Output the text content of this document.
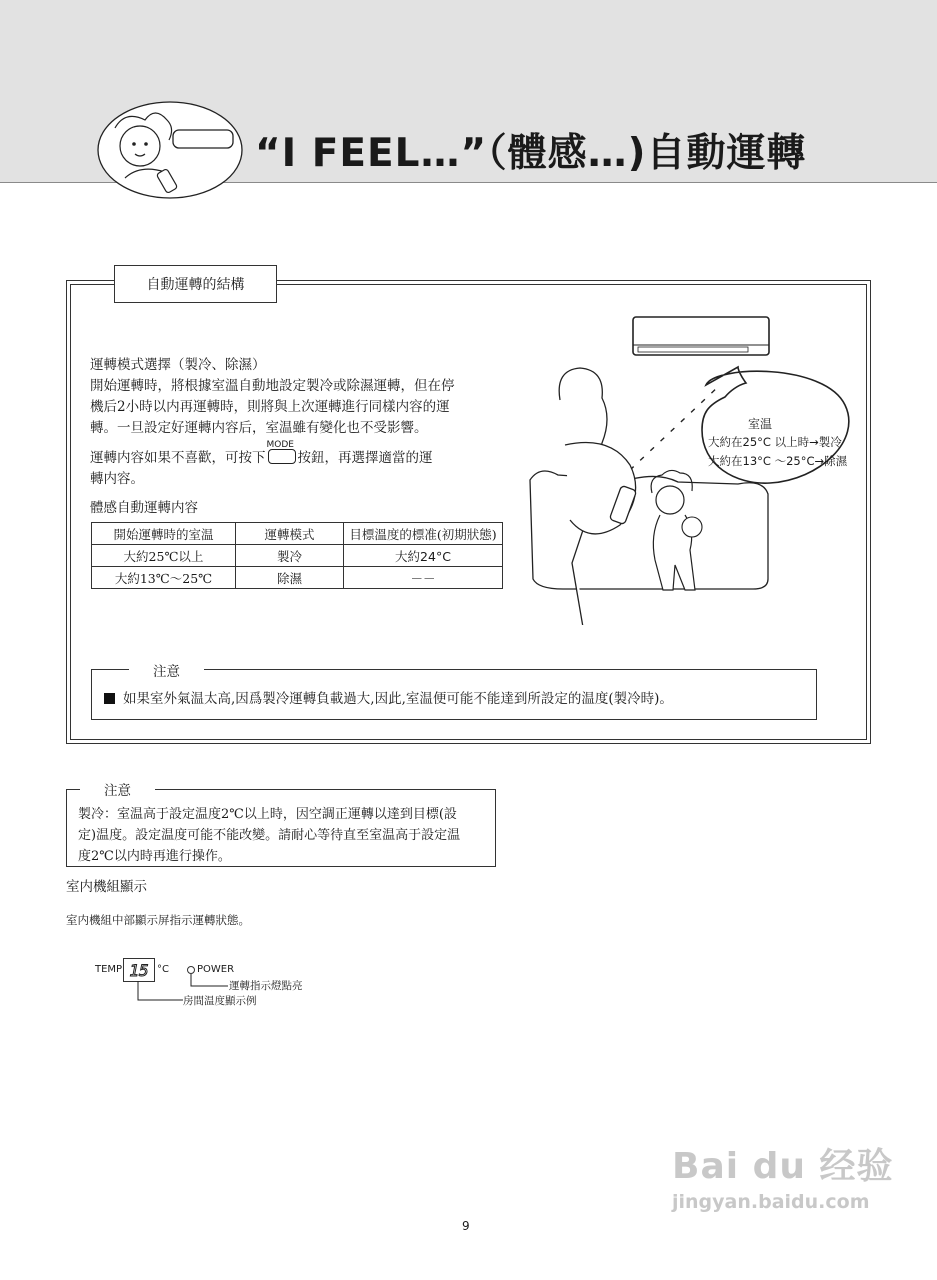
“I FEEL…”（體感…)自動運轉
自動運轉的結構
運轉模式選擇（製冷、除濕）
開始運轉時，將根據室溫自動地設定製冷或除濕運轉，但在停
機后2小時以内再運轉時，則將與上次運轉進行同樣内容的運
轉。一旦設定好運轉内容后，室温雖有變化也不受影響。
運轉内容如果不喜歡，可按下
MODE
按鈕，再選擇適當的運
轉内容。
體感自動運轉内容
開始運轉時的室温	運轉模式	目標溫度的標准(初期狀態)
大約25℃以上	製冷	大約24°C
大約13℃～25℃	除濕	－－
室温
大約在25°C 以上時→製冷
大約在13°C ～25°C→除濕
注意
如果室外氣温太高,因爲製冷運轉負載過大,因此,室温便可能不能達到所設定的温度(製冷時)。
注意
製冷：室温高于設定温度2℃以上時，因空調正運轉以達到目標(設
定)温度。設定温度可能不能改變。請耐心等待直至室温高于設定温
度2℃以内時再進行操作。
室内機組顯示
室内機組中部顯示屏指示運轉狀態。
TEMP 15 °C	POWER
運轉指示燈點亮
房間温度顯示例
9
Bai du 经验
jingyan.baidu.com
